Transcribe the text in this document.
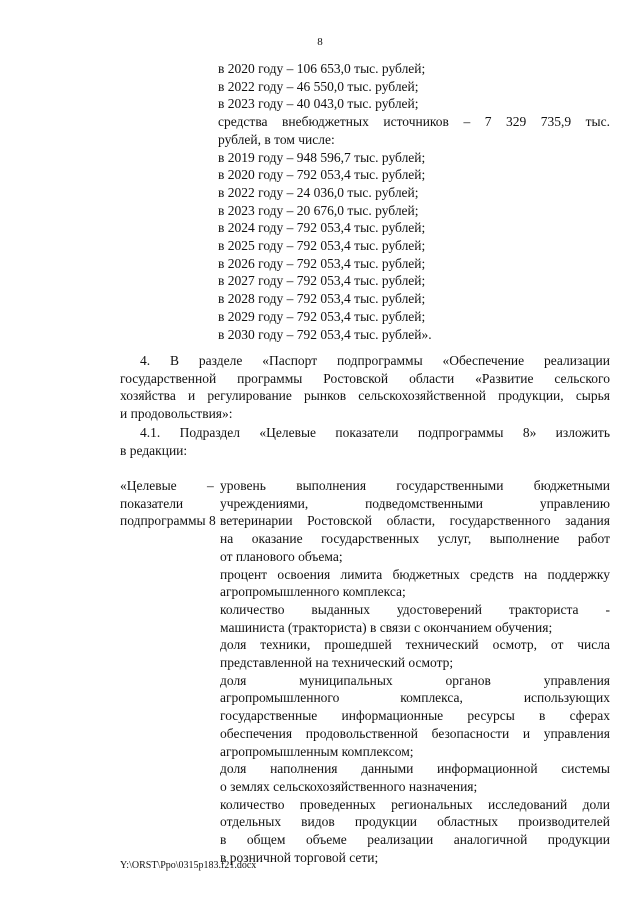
8
в 2020 году – 106 653,0 тыс. рублей;
в 2022 году – 46 550,0 тыс. рублей;
в 2023 году – 40 043,0 тыс. рублей;
средства внебюджетных источников – 7 329 735,9 тыс.
рублей, в том числе:
в 2019 году – 948 596,7 тыс. рублей;
в 2020 году – 792 053,4 тыс. рублей;
в 2022 году – 24 036,0 тыс. рублей;
в 2023 году – 20 676,0 тыс. рублей;
в 2024 году – 792 053,4 тыс. рублей;
в 2025 году – 792 053,4 тыс. рублей;
в 2026 году – 792 053,4 тыс. рублей;
в 2027 году – 792 053,4 тыс. рублей;
в 2028 году – 792 053,4 тыс. рублей;
в 2029 году – 792 053,4 тыс. рублей;
в 2030 году – 792 053,4 тыс. рублей».
4. В разделе «Паспорт подпрограммы «Обеспечение реализации
государственной программы Ростовской области «Развитие сельского
хозяйства и регулирование рынков сельскохозяйственной продукции, сырья
и продовольствия»:
4.1. Подраздел «Целевые показатели подпрограммы 8» изложить
в редакции:
«Целевые
показатели
подпрограммы 8
– уровень выполнения государственными бюджетными
учреждениями, подведомственными управлению
ветеринарии Ростовской области, государственного задания
на оказание государственных услуг, выполнение работ
от планового объема;
процент освоения лимита бюджетных средств на поддержку
агропромышленного комплекса;
количество выданных удостоверений тракториста -
машиниста (тракториста) в связи с окончанием обучения;
доля техники, прошедшей технический осмотр, от числа
представленной на технический осмотр;
доля муниципальных органов управления
агропромышленного комплекса, использующих
государственные информационные ресурсы в сферах
обеспечения продовольственной безопасности и управления
агропромышленным комплексом;
доля наполнения данными информационной системы
о землях сельскохозяйственного назначения;
количество проведенных региональных исследований доли
отдельных видов продукции областных производителей
в общем объеме реализации аналогичной продукции
в розничной торговой сети;
Y:\ORST\Ppo\0315p183.f21.docx
